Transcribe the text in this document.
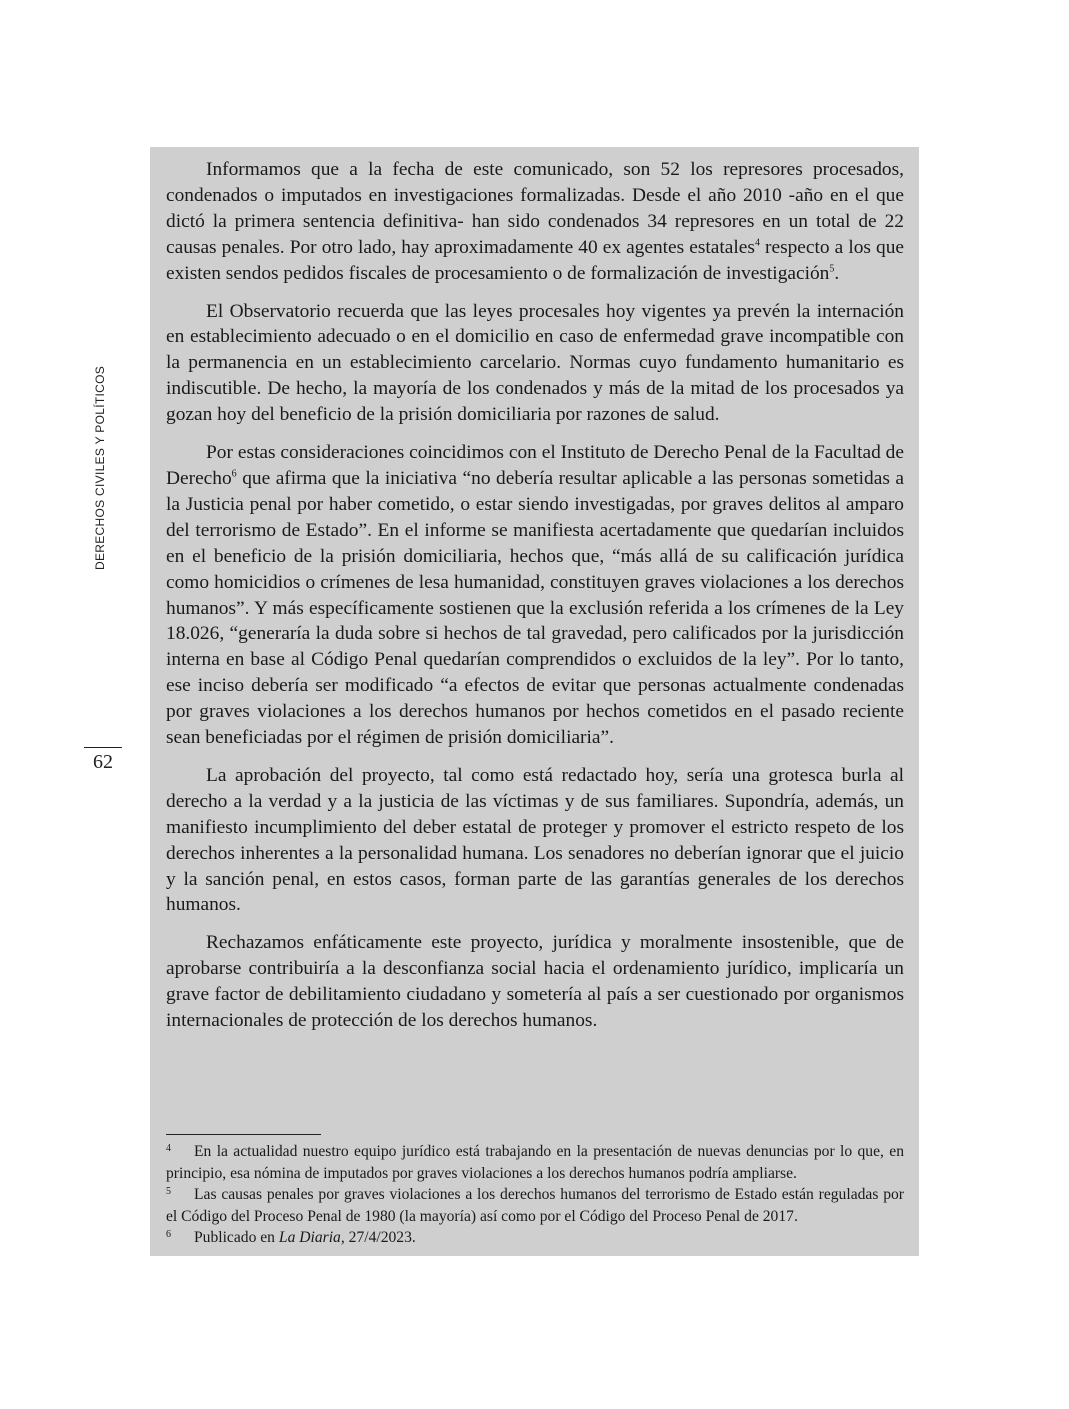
DERECHOS CIVILES Y POLÍTICOS
62

Informamos que a la fecha de este comunicado, son 52 los represores procesados, condenados o imputados en investigaciones formalizadas. Desde el año 2010 -año en el que dictó la primera sentencia definitiva- han sido condenados 34 represores en un total de 22 causas penales. Por otro lado, hay aproximadamente 40 ex agentes estatales$^4$ respecto a los que existen sendos pedidos fiscales de procesamiento o de formalización de investigación$^5$.

El Observatorio recuerda que las leyes procesales hoy vigentes ya prevén la internación en establecimiento adecuado o en el domicilio en caso de enfermedad grave incompatible con la permanencia en un establecimiento carcelario. Normas cuyo fundamento humanitario es indiscutible. De hecho, la mayoría de los condenados y más de la mitad de los procesados ya gozan hoy del beneficio de la prisión domiciliaria por razones de salud.

Por estas consideraciones coincidimos con el Instituto de Derecho Penal de la Facultad de Derecho$^6$ que afirma que la iniciativa “no debería resultar aplicable a las personas sometidas a la Justicia penal por haber cometido, o estar siendo investigadas, por graves delitos al amparo del terrorismo de Estado”. En el informe se manifiesta acertadamente que quedarían incluidos en el beneficio de la prisión domiciliaria, hechos que, “más allá de su calificación jurídica como homicidios o crímenes de lesa humanidad, constituyen graves violaciones a los derechos humanos”. Y más específicamente sostienen que la exclusión referida a los crímenes de la Ley 18.026, “generaría la duda sobre si hechos de tal gravedad, pero calificados por la jurisdicción interna en base al Código Penal quedarían comprendidos o excluidos de la ley”. Por lo tanto, ese inciso debería ser modificado “a efectos de evitar que personas actualmente condenadas por graves violaciones a los derechos humanos por hechos cometidos en el pasado reciente sean beneficiadas por el régimen de prisión domiciliaria”.

La aprobación del proyecto, tal como está redactado hoy, sería una grotesca burla al derecho a la verdad y a la justicia de las víctimas y de sus familiares. Supondría, además, un manifiesto incumplimiento del deber estatal de proteger y promover el estricto respeto de los derechos inherentes a la personalidad humana. Los senadores no deberían ignorar que el juicio y la sanción penal, en estos casos, forman parte de las garantías generales de los derechos humanos.

Rechazamos enfáticamente este proyecto, jurídica y moralmente insostenible, que de aprobarse contribuiría a la desconfianza social hacia el ordenamiento jurídico, implicaría un grave factor de debilitamiento ciudadano y sometería al país a ser cuestionado por organismos internacionales de protección de los derechos humanos.

4 En la actualidad nuestro equipo jurídico está trabajando en la presentación de nuevas denuncias por lo que, en principio, esa nómina de imputados por graves violaciones a los derechos humanos podría ampliarse.
5 Las causas penales por graves violaciones a los derechos humanos del terrorismo de Estado están reguladas por el Código del Proceso Penal de 1980 (la mayoría) así como por el Código del Proceso Penal de 2017.
6 Publicado en La Diaria, 27/4/2023.
